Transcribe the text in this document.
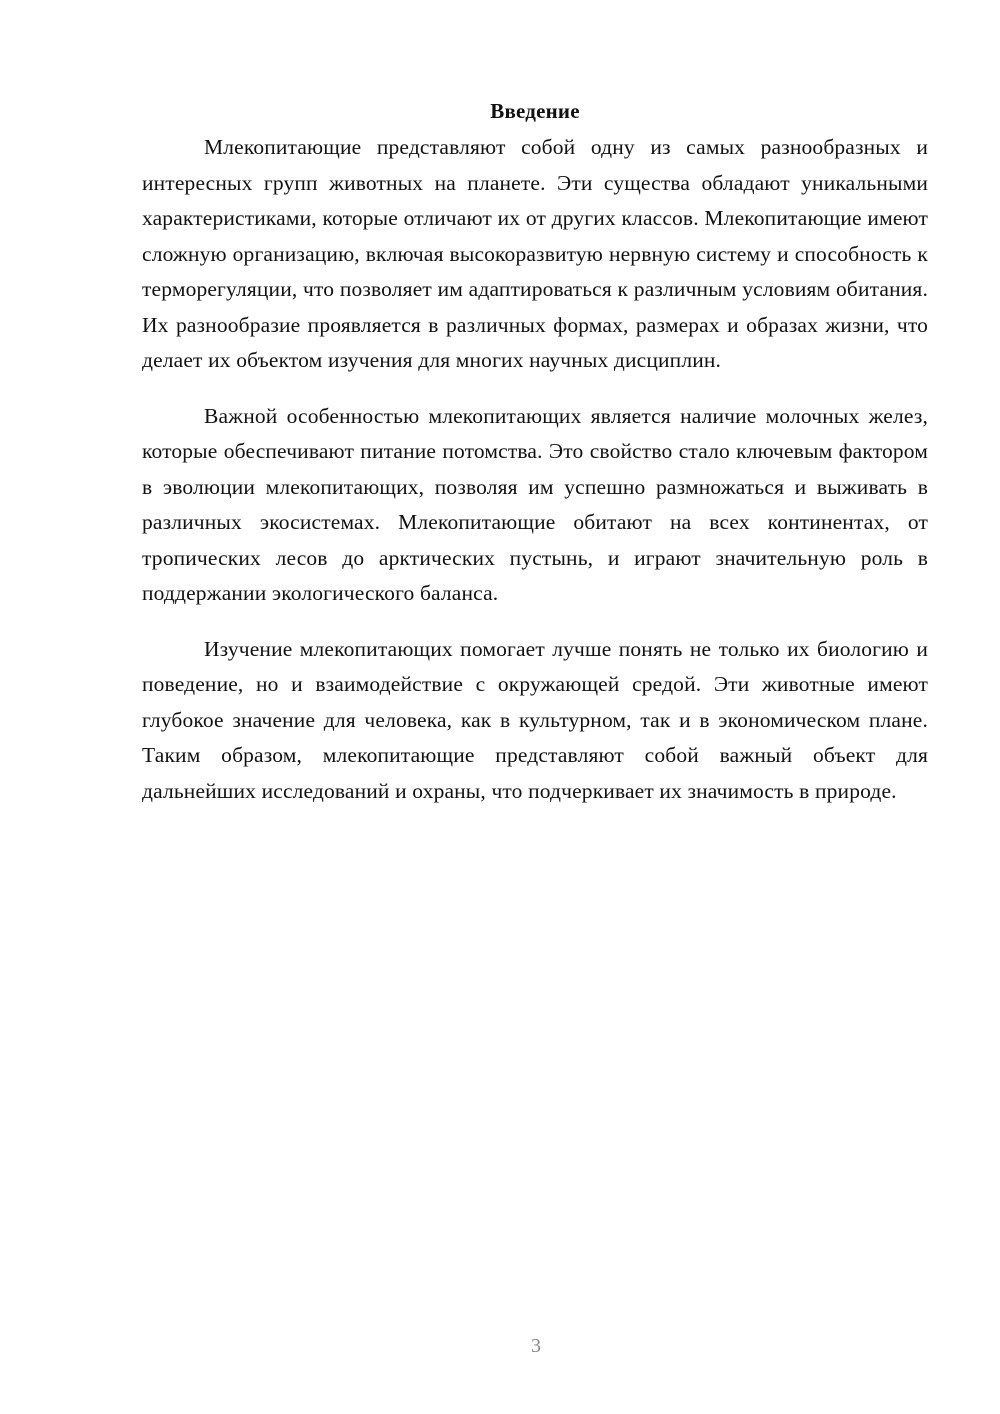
Введение

Млекопитающие представляют собой одну из самых разнообразных и интересных групп животных на планете. Эти существа обладают уникальными характеристиками, которые отличают их от других классов. Млекопитающие имеют сложную организацию, включая высокоразвитую нервную систему и способность к терморегуляции, что позволяет им адаптироваться к различным условиям обитания. Их разнообразие проявляется в различных формах, размерах и образах жизни, что делает их объектом изучения для многих научных дисциплин.

Важной особенностью млекопитающих является наличие молочных желез, которые обеспечивают питание потомства. Это свойство стало ключевым фактором в эволюции млекопитающих, позволяя им успешно размножаться и выживать в различных экосистемах. Млекопитающие обитают на всех континентах, от тропических лесов до арктических пустынь, и играют значительную роль в поддержании экологического баланса.

Изучение млекопитающих помогает лучше понять не только их биологию и поведение, но и взаимодействие с окружающей средой. Эти животные имеют глубокое значение для человека, как в культурном, так и в экономическом плане. Таким образом, млекопитающие представляют собой важный объект для дальнейших исследований и охраны, что подчеркивает их значимость в природе.

3
